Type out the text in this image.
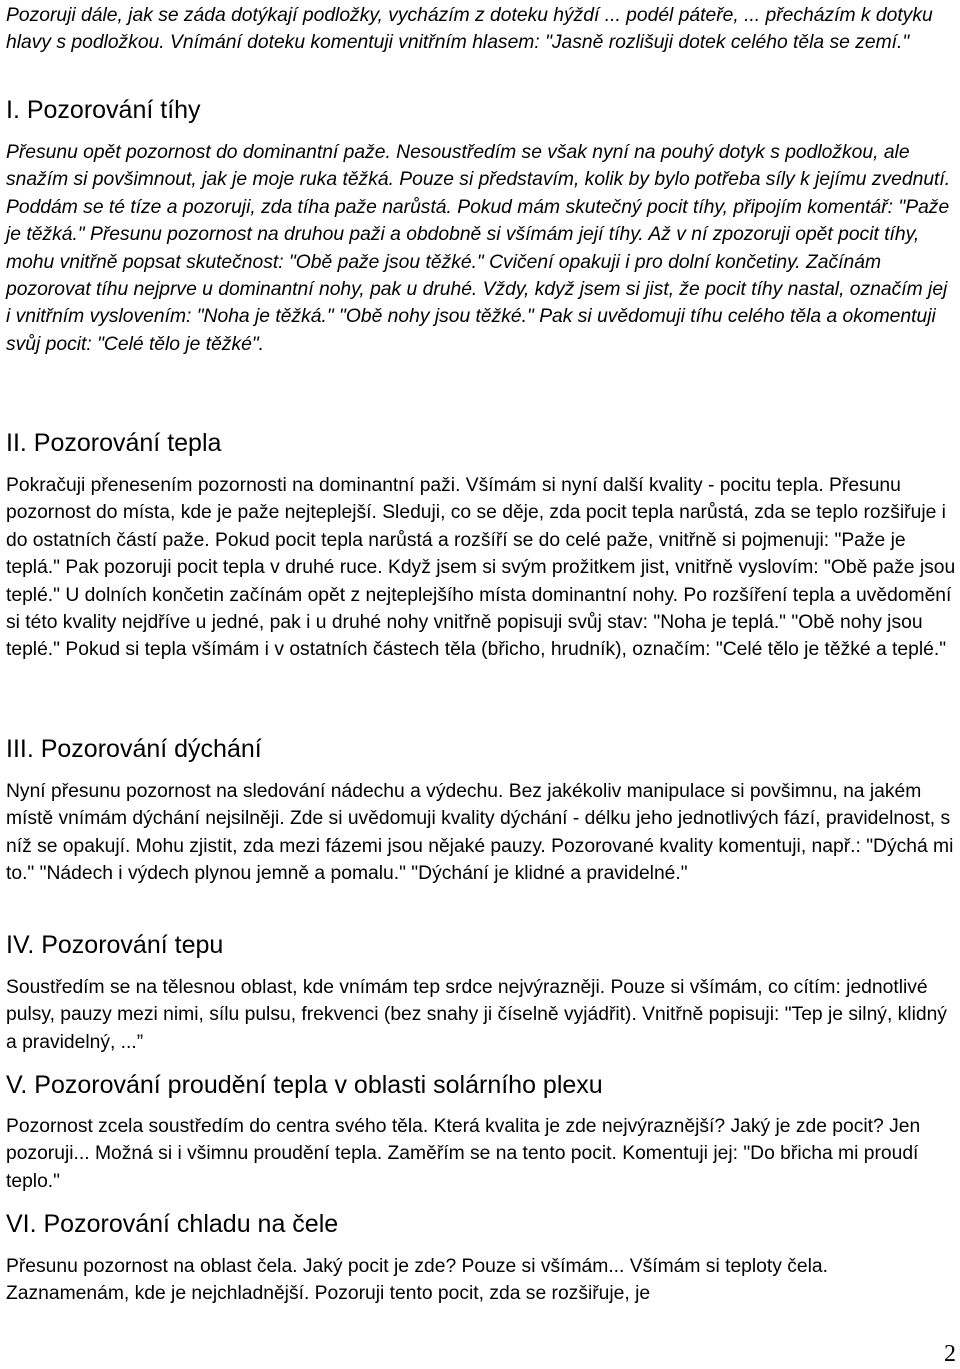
Pozoruji dále, jak se záda dotýkají podložky, vycházím z doteku hýždí ... podél páteře, ... přecházím k dotyku hlavy s podložkou. Vnímání doteku komentuji vnitřním hlasem: "Jasně rozlišuji dotek celého těla se zemí."

I. Pozorování tíhy

Přesunu opět pozornost do dominantní paže. Nesoustředím se však nyní na pouhý dotyk s podložkou, ale snažím si povšimnout, jak je moje ruka těžká. Pouze si představím, kolik by bylo potřeba síly k jejímu zvednutí. Poddám se té tíze a pozoruji, zda tíha paže narůstá. Pokud mám skutečný pocit tíhy, připojím komentář: "Paže je těžká." Přesunu pozornost na druhou paži a obdobně si všímám její tíhy. Až v ní zpozoruji opět pocit tíhy, mohu vnitřně popsat skutečnost: "Obě paže jsou těžké." Cvičení opakuji i pro dolní končetiny. Začínám pozorovat tíhu nejprve u dominantní nohy, pak u druhé. Vždy, když jsem si jist, že pocit tíhy nastal, označím jej i vnitřním vyslovením: "Noha je těžká." "Obě nohy jsou těžké." Pak si uvědomuji tíhu celého těla a okomentuji svůj pocit: "Celé tělo je těžké".

II. Pozorování tepla

Pokračuji přenesením pozornosti na dominantní paži. Všímám si nyní další kvality - pocitu tepla. Přesunu pozornost do místa, kde je paže nejteplejší. Sleduji, co se děje, zda pocit tepla narůstá, zda se teplo rozšiřuje i do ostatních částí paže. Pokud pocit tepla narůstá a rozšíří se do celé paže, vnitřně si pojmenuji: "Paže je teplá." Pak pozoruji pocit tepla v druhé ruce. Když jsem si svým prožitkem jist, vnitřně vyslovím: "Obě paže jsou teplé." U dolních končetin začínám opět z nejteplejšího místa dominantní nohy. Po rozšíření tepla a uvědomění si této kvality nejdříve u jedné, pak i u druhé nohy vnitřně popisuji svůj stav: "Noha je teplá." "Obě nohy jsou teplé." Pokud si tepla všímám i v ostatních částech těla (břicho, hrudník), označím: "Celé tělo je těžké a teplé."

III. Pozorování dýchání

Nyní přesunu pozornost na sledování nádechu a výdechu. Bez jakékoliv manipulace si povšimnu, na jakém místě vnímám dýchání nejsilněji. Zde si uvědomuji kvality dýchání - délku jeho jednotlivých fází, pravidelnost, s níž se opakují. Mohu zjistit, zda mezi fázemi jsou nějaké pauzy. Pozorované kvality komentuji, např.: "Dýchá mi to." "Nádech i výdech plynou jemně a pomalu." "Dýchání je klidné a pravidelné."

IV. Pozorování tepu

Soustředím se na tělesnou oblast, kde vnímám tep srdce nejvýrazněji. Pouze si všímám, co cítím: jednotlivé pulsy, pauzy mezi nimi, sílu pulsu, frekvenci (bez snahy ji číselně vyjádřit). Vnitřně popisuji: "Tep je silný, klidný a pravidelný, ...”

V. Pozorování proudění tepla v oblasti solárního plexu

Pozornost zcela soustředím do centra svého těla. Která kvalita je zde nejvýraznější? Jaký je zde pocit? Jen pozoruji... Možná si i všimnu proudění tepla. Zaměřím se na tento pocit. Komentuji jej: "Do břicha mi proudí teplo."

VI. Pozorování chladu na čele

Přesunu pozornost na oblast čela. Jaký pocit je zde? Pouze si všímám... Všímám si teploty čela. Zaznamenám, kde je nejchladnější. Pozoruji tento pocit, zda se rozšiřuje, je

2
